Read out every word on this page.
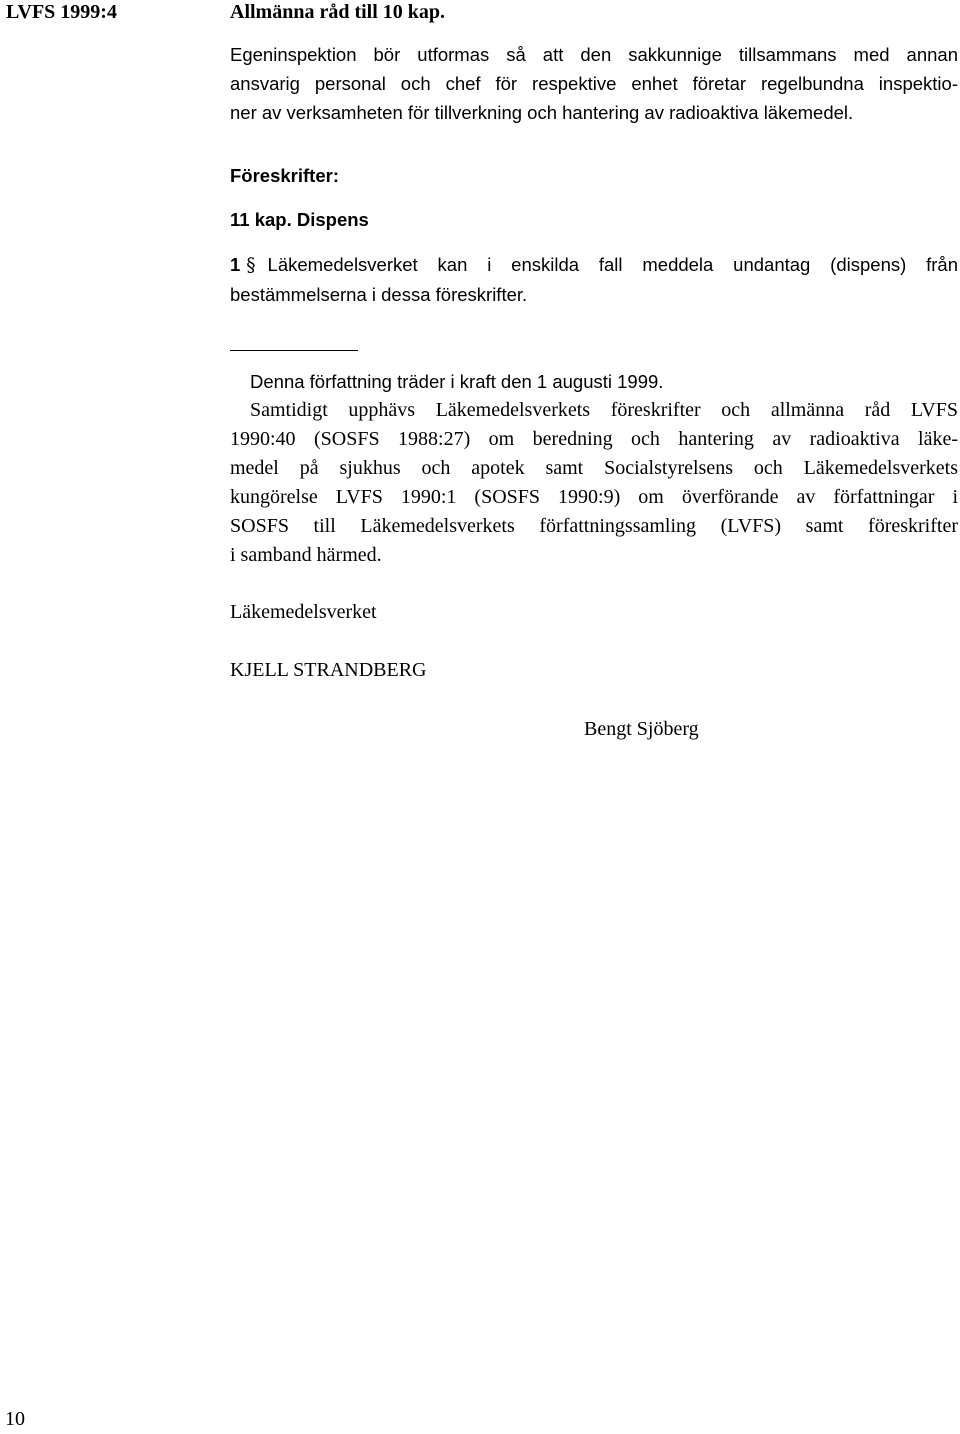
LVFS 1999:4	Allmänna råd till 10 kap.
Egeninspektion bör utformas så att den sakkunnige tillsammans med annan
ansvarig personal och chef för respektive enhet företar regelbundna inspektio-
ner av verksamheten för tillverkning och hantering av radioaktiva läkemedel.
Föreskrifter:
11 kap. Dispens
1 § Läkemedelsverket kan i enskilda fall meddela undantag (dispens) från
bestämmelserna i dessa föreskrifter.
Denna författning träder i kraft den 1 augusti 1999.
Samtidigt upphävs Läkemedelsverkets föreskrifter och allmänna råd LVFS
1990:40 (SOSFS 1988:27) om beredning och hantering av radioaktiva läke-
medel på sjukhus och apotek samt Socialstyrelsens och Läkemedelsverkets
kungörelse LVFS 1990:1 (SOSFS 1990:9) om överförande av författningar i
SOSFS till Läkemedelsverkets författningssamling (LVFS) samt föreskrifter
i samband härmed.
Läkemedelsverket
KJELL STRANDBERG
Bengt Sjöberg
10
